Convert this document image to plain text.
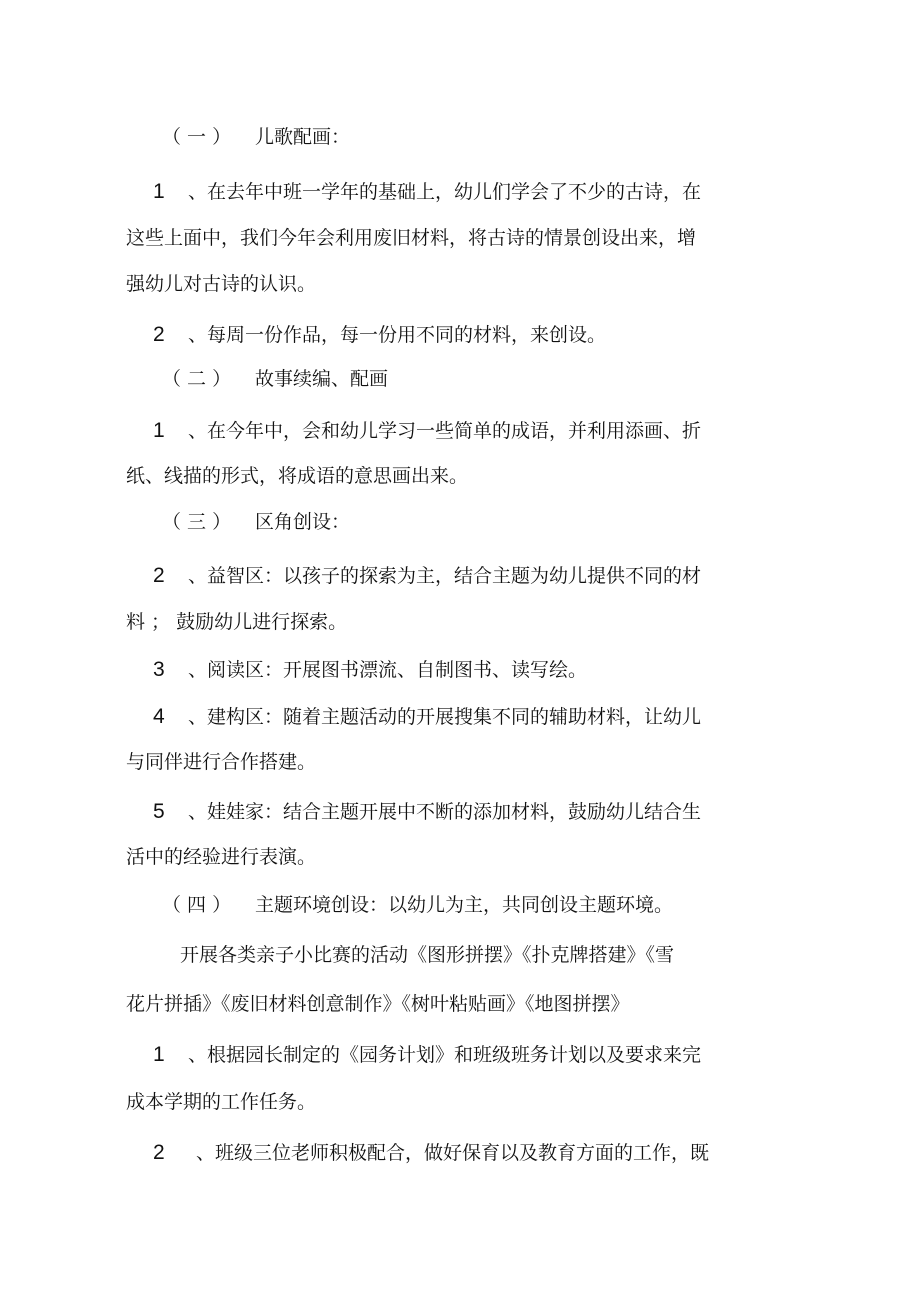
（ 一 ） 儿歌配画：
1 、在去年中班一学年的基础上，幼儿们学会了不少的古诗，在
这些上面中，我们今年会利用废旧材料，将古诗的情景创设出来，增
强幼儿对古诗的认识。
2 、每周一份作品，每一份用不同的材料，来创设。
（ 二 ） 故事续编、配画
1 、在今年中，会和幼儿学习一些简单的成语，并利用添画、折
纸、线描的形式，将成语的意思画出来。
（ 三 ） 区角创设：
2 、益智区：以孩子的探索为主，结合主题为幼儿提供不同的材
料 ； 鼓励幼儿进行探索。
3 、阅读区：开展图书漂流、自制图书、读写绘。
4 、建构区：随着主题活动的开展搜集不同的辅助材料，让幼儿
与同伴进行合作搭建。
5 、娃娃家：结合主题开展中不断的添加材料，鼓励幼儿结合生
活中的经验进行表演。
（ 四 ） 主题环境创设：以幼儿为主，共同创设主题环境。
开展各类亲子小比赛的活动《图形拼摆》《扑克牌搭建》《雪
花片拼插》《废旧材料创意制作》《树叶粘贴画》《地图拼摆》
1 、根据园长制定的《园务计划》和班级班务计划以及要求来完
成本学期的工作任务。
2 、班级三位老师积极配合，做好保育以及教育方面的工作，既
